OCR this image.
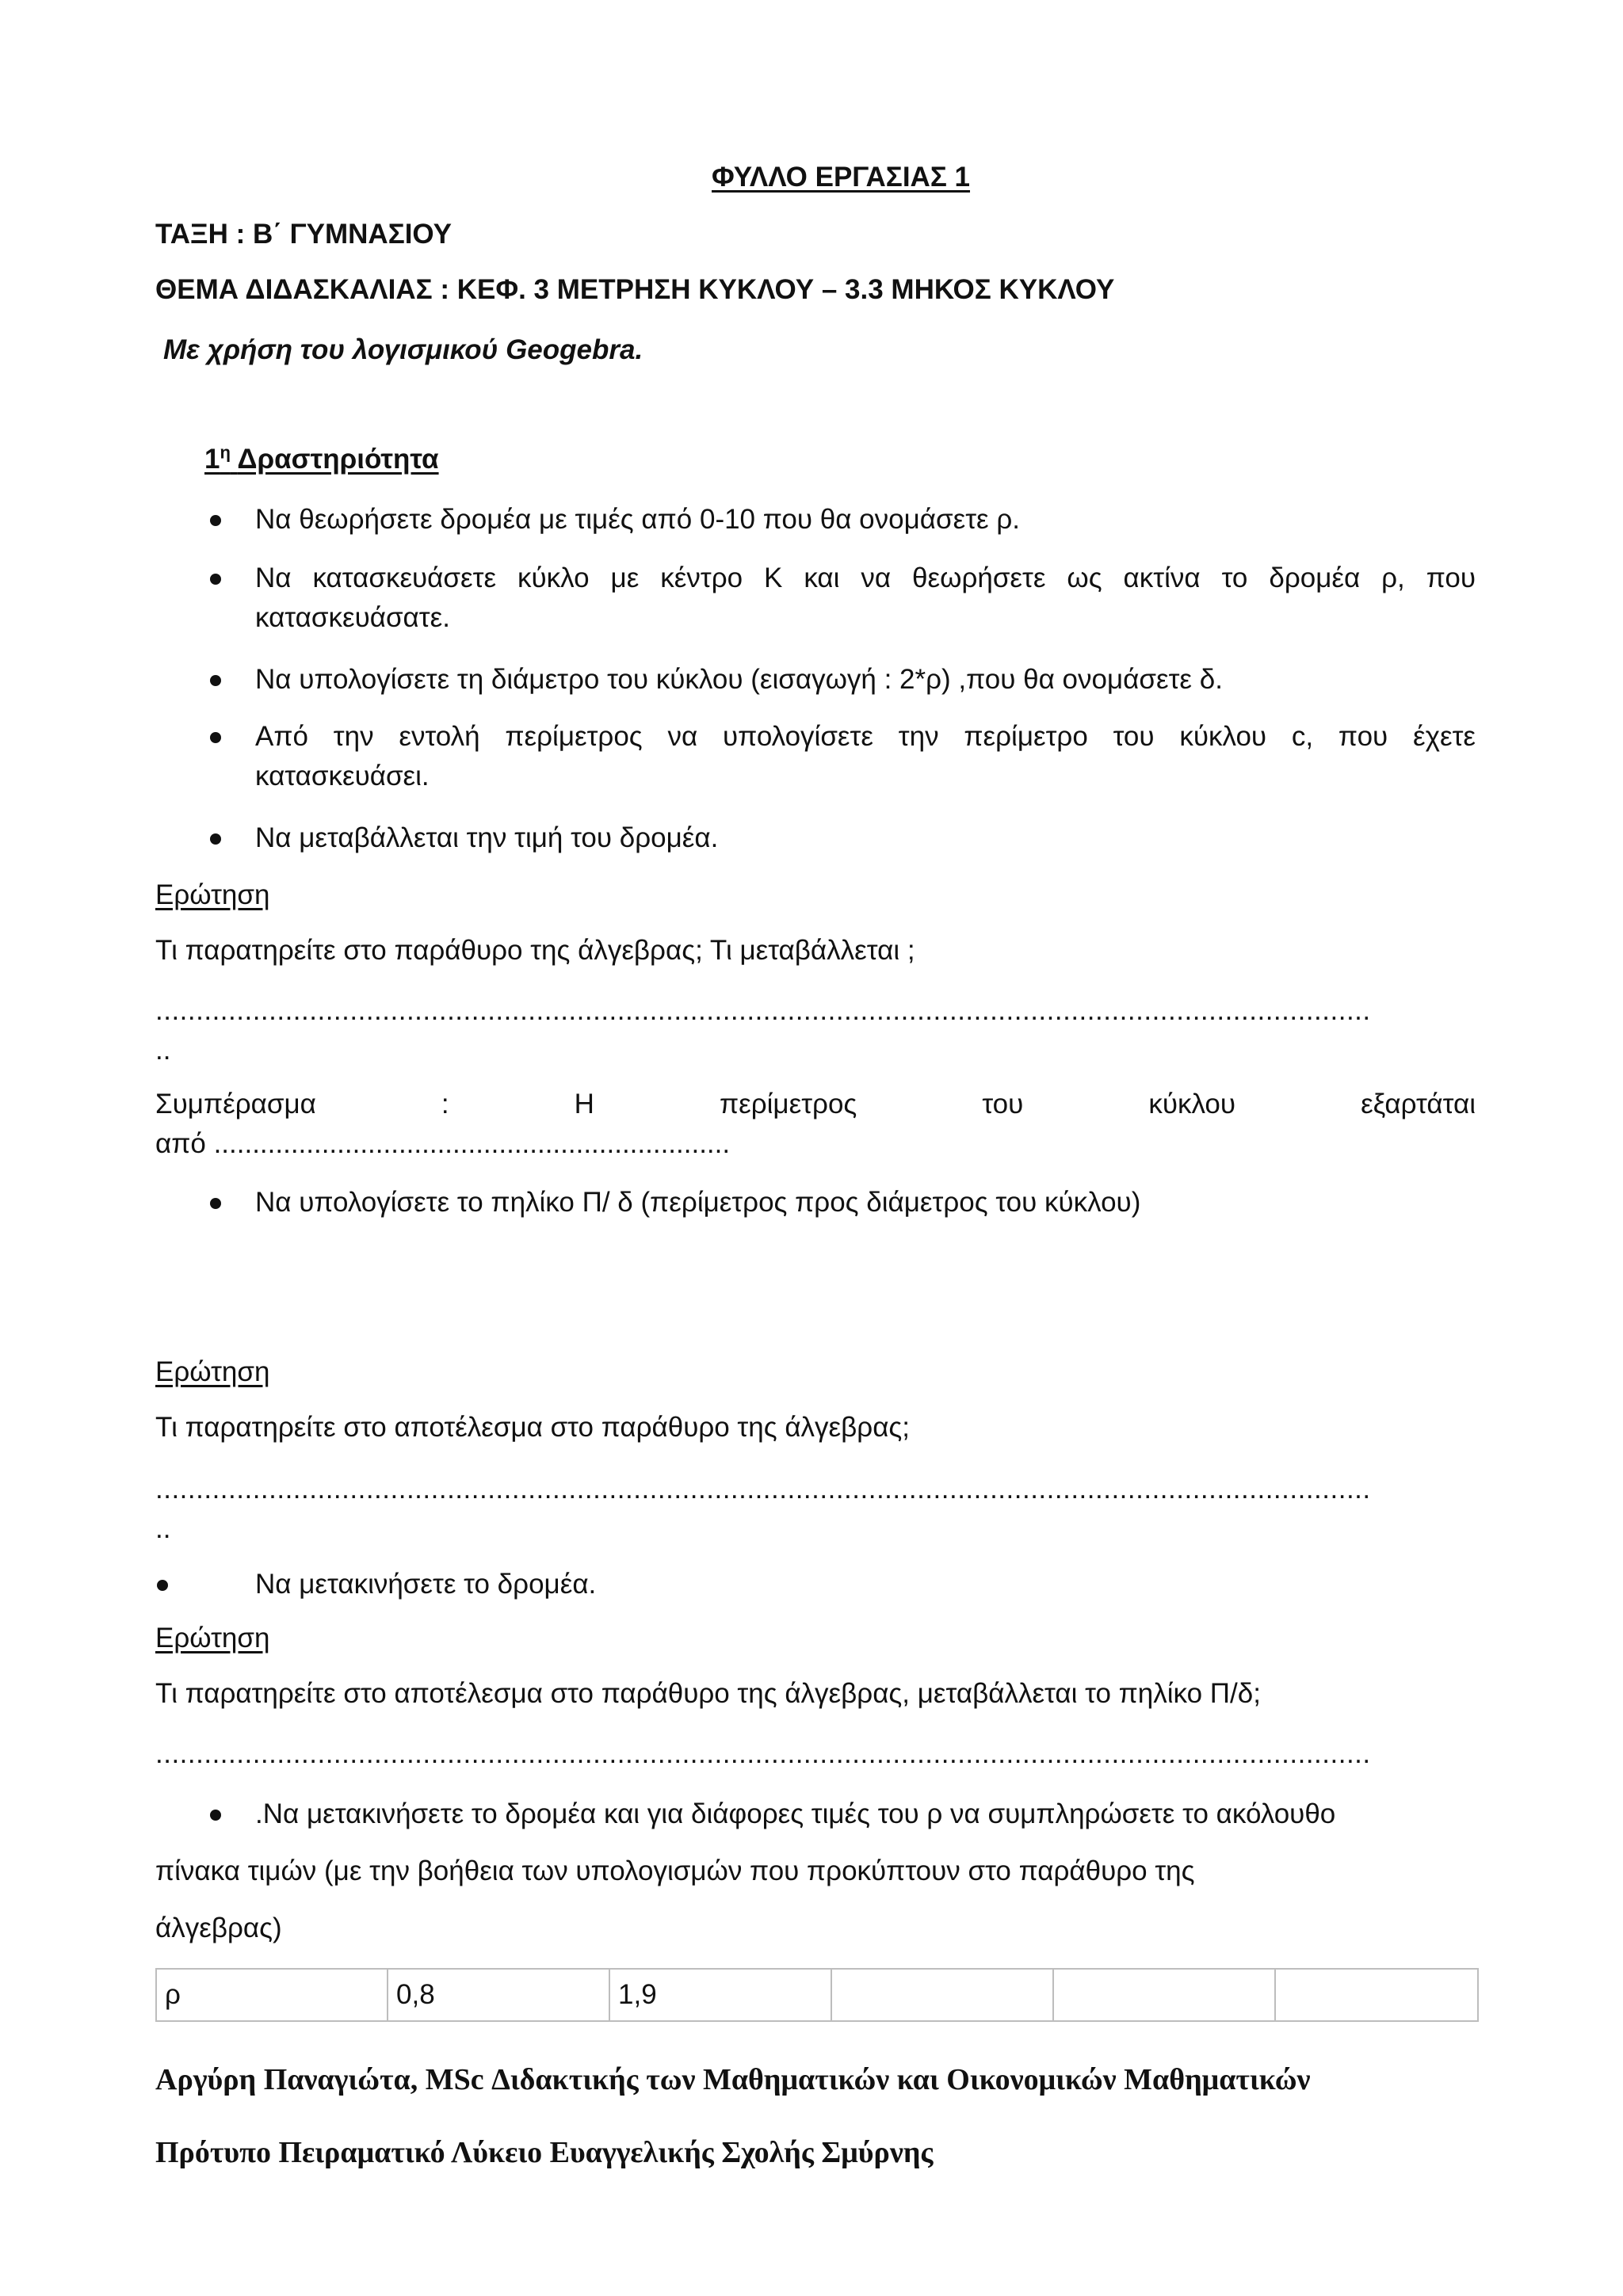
ΦΥΛΛΟ ΕΡΓΑΣΙΑΣ 1
ΤΑΞΗ : Β΄ ΓΥΜΝΑΣΙΟΥ
ΘΕΜΑ ΔΙΔΑΣΚΑΛΙΑΣ : ΚΕΦ. 3 ΜΕΤΡΗΣΗ ΚΥΚΛΟΥ – 3.3 ΜΗΚΟΣ ΚΥΚΛΟΥ
Με χρήση του λογισμικού Geogebra.
$1^\eta$ Δραστηριότητα
Να θεωρήσετε δρομέα με τιμές από 0-10 που θα ονομάσετε ρ.
Να κατασκευάσετε κύκλο με κέντρο Κ και να θεωρήσετε ως ακτίνα το δρομέα ρ, που
κατασκευάσατε.
Να υπολογίσετε τη διάμετρο του κύκλου (εισαγωγή : 2*ρ) ,που θα ονομάσετε δ.
Από την εντολή περίμετρος να υπολογίσετε την περίμετρο του κύκλου c, που έχετε
κατασκευάσει.
Να μεταβάλλεται την τιμή του δρομέα.
Ερώτηση
Τι παρατηρείτε στο παράθυρο της άλγεβρας; Τι μεταβάλλεται ;
......................................................................................................................................................
..
Συμπέρασμα	:	Η	περίμετρος	του	κύκλου	εξαρτάται
από ...................................................................
Να υπολογίσετε το πηλίκο Π/ δ (περίμετρος προς διάμετρος του κύκλου)
Ερώτηση
Τι παρατηρείτε στο αποτέλεσμα στο παράθυρο της άλγεβρας;
......................................................................................................................................................
..
Να μετακινήσετε το δρομέα.
Ερώτηση
Τι παρατηρείτε στο αποτέλεσμα στο παράθυρο της άλγεβρας, μεταβάλλεται το πηλίκο Π/δ;
......................................................................................................................................................
.Να μετακινήσετε το δρομέα και για διάφορες τιμές του ρ να συμπληρώσετε το ακόλουθο
πίνακα τιμών (με την βοήθεια των υπολογισμών που προκύπτουν στο παράθυρο της
άλγεβρας)
ρ	0,8	1,9			
Αργύρη Παναγιώτα, MSc Διδακτικής των Μαθηματικών και Οικονομικών Μαθηματικών
Πρότυπο Πειραματικό Λύκειο Ευαγγελικής Σχολής Σμύρνης
